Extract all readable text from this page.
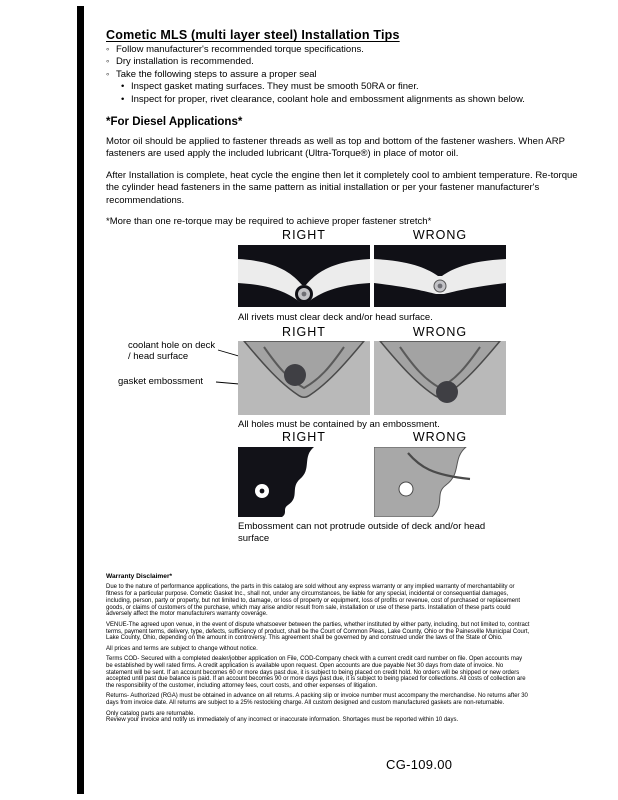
Cometic MLS (multi layer steel) Installation Tips
◦ Follow manufacturer's recommended torque specifications.
◦ Dry installation is recommended.
◦ Take the following steps to assure a proper seal
• Inspect gasket mating surfaces. They must be smooth 50RA or finer.
• Inspect for proper, rivet clearance, coolant hole and embossment alignments as shown below.
*For Diesel Applications*
Motor oil should be applied to fastener threads as well as top and bottom of the fastener washers. When ARP fasteners are used apply the included lubricant (Ultra-Torque®) in place of motor oil.
After Installation is complete, heat cycle the engine then let it completely cool to ambient temperature. Re-torque the cylinder head fasteners in the same pattern as initial installation or per your fastener manufacturer's recommendations.
*More than one re-torque may be required to achieve proper fastener stretch*
RIGHT	WRONG
All rivets must clear deck and/or head surface.
RIGHT	WRONG
coolant hole on deck / head surface
gasket embossment
All holes must be contained by an embossment.
RIGHT	WRONG
Embossment can not protrude outside of deck and/or head surface
Warranty Disclaimer*

Due to the nature of performance applications, the parts in this catalog are sold without any express warranty or any implied warranty of merchantability or fitness for a particular purpose. Cometic Gasket Inc., shall not, under any circumstances, be liable for any special, incidental or consequential damages, including, person, party or property, but not limited to, damage, or loss of property or equipment, loss of profits or revenue, cost of purchased or replacement goods, or claims of customers of the purchase, which may arise and/or result from sale, installation or use of these parts. Installation of these parts could adversely affect the motor manufacturers warranty coverage.

VENUE-The agreed upon venue, in the event of dispute whatsoever between the parties, whether instituted by either party, including, but not limited to, contract terms, payment terms, delivery, type, defects, sufficiency of product, shall be the Court of Common Pleas, Lake County, Ohio or the Painesville Municipal Court, Lake County, Ohio, depending on the amount in controversy. This agreement shall be governed by and construed under the laws of the State of Ohio.

All prices and terms are subject to change without notice.

Terms COD- Secured with a completed dealer/jobber application on File, COD-Company check with a current credit card number on file. Open accounts may be established by well rated firms. A credit application is available upon request. Open accounts are due payable Net 30 days from date of invoice. No statement will be sent. If an account becomes 60 or more days past due, it is subject to being placed on credit hold. No orders will be shipped or new orders accepted until past due balance is paid. If an account becomes 90 or more days past due, it is subject to being placed for collections. All costs of collection are the responsibility of the customer, including attorney fees, court costs, and other expenses of litigation.

Returns- Authorized (RGA) must be obtained in advance on all returns. A packing slip or invoice number must accompany the merchandise. No returns after 30 days from invoice date. All returns are subject to a 25% restocking charge. All custom designed and custom manufactured gaskets are non-returnable.

Only catalog parts are returnable.

Review your invoice and notify us immediately of any incorrect or inaccurate information. Shortages must be reported within 10 days.

CG-109.00
